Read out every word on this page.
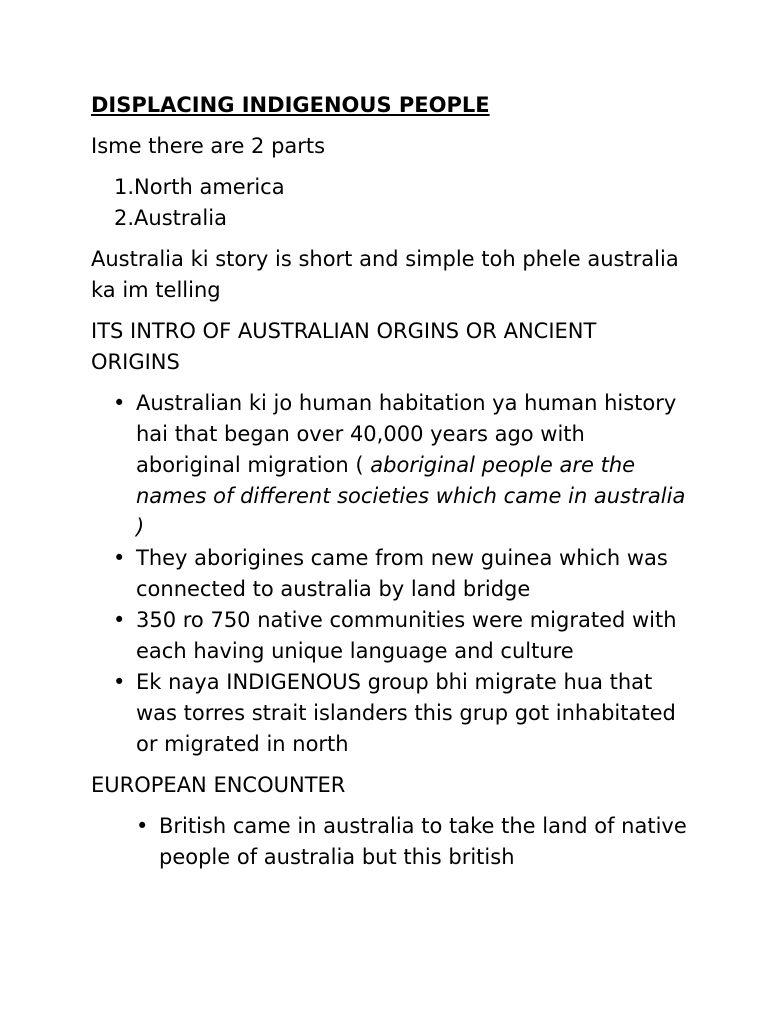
DISPLACING INDIGENOUS PEOPLE

Isme there are 2 parts

1.North america
2.Australia

Australia ki story is short and simple toh phele australia ka im telling

ITS INTRO OF AUSTRALIAN ORGINS OR ANCIENT ORIGINS

• Australian ki jo human habitation ya human history hai that began over 40,000 years ago with aboriginal migration ( aboriginal people are the names of different societies which came in australia )
• They aborigines came from new guinea which was connected to australia by land bridge
• 350 ro 750 native communities were migrated with each having unique language and culture
• Ek naya INDIGENOUS group bhi migrate hua that was torres strait islanders this grup got inhabitated or migrated in north

EUROPEAN ENCOUNTER

• British came in australia to take the land of native people of australia but this british
